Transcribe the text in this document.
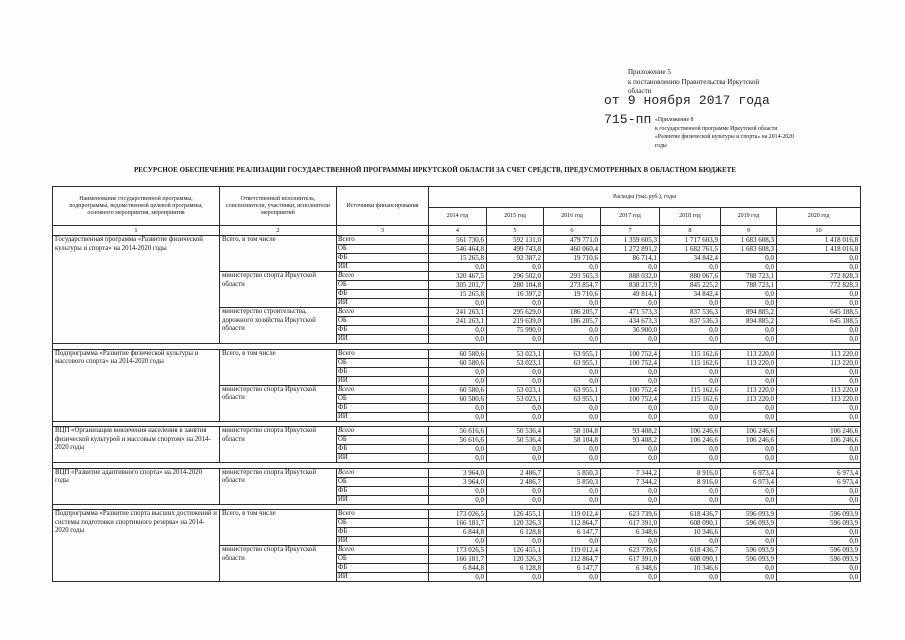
Приложение 5
к постановлению Правительства Иркутской
области
от 9 ноября 2017 года
715-пп «Приложение 8
к государственной программе Иркутской области
«Развитие физической культуры и спорта» на 2014-2020
годы
РЕСУРСНОЕ ОБЕСПЕЧЕНИЕ РЕАЛИЗАЦИИ ГОСУДАРСТВЕННОЙ ПРОГРАММЫ ИРКУТСКОЙ ОБЛАСТИ ЗА СЧЕТ СРЕДСТВ, ПРЕДУСМОТРЕННЫХ В ОБЛАСТНОМ БЮДЖЕТЕ
Наименование государственной программы, подпрограммы, ведомственной целевой программы, основного мероприятия, мероприятия	Ответственный исполнитель, соисполнители, участники, исполнители мероприятий	Источники финансирования	Расходы (тыс.руб.), годы						
			2014 год	2015 год	2016 год	2017 год	2018 год	2019 год	2020 год
1	2	3	4	5	6	7	8	9	10
Государственная программа «Развитие физической культуры и спорта» на 2014-2020 годы	Всего, в том числе	Всего	561 730,6	592 131,0	479 771,0	1 359 605,3	1 717 603,9	1 683 608,3	1 418 016,8
		ОБ	546 464,8	499 743,8	460 060,4	1 272 891,2	1 682 761,5	1 683 608,3	1 418 016,8
		ФБ	15 265,8	92 387,2	19 710,6	86 714,1	34 842,4	0,0	0,0
		ИИ	0,0	0,0	0,0	0,0	0,0	0,0	0,0
	министерство спорта Иркутской области	Всего	320 467,5	296 502,0	293 565,3	888 032,0	880 067,6	788 723,1	772 828,3
		ОБ	305 201,7	280 104,8	273 854,7	838 217,9	845 225,2	788 723,1	772 828,3
		ФБ	15 265,8	16 397,2	19 710,6	49 814,1	34 842,4	0,0	0,0
		ИИ	0,0	0,0	0,0	0,0	0,0	0,0	0,0
	министерство строительства, дорожного хозяйства Иркутской области	Всего	241 263,1	295 629,0	186 205,7	471 573,3	837 536,3	894 885,2	645 188,5
		ОБ	241 263,1	219 639,0	186 205,7	434 673,3	837 536,3	894 885,2	645 188,5
		ФБ	0,0	75 990,0	0,0	36 900,0	0,0	0,0	0,0
		ИИ	0,0	0,0	0,0	0,0	0,0	0,0	0,0

Подпрограмма «Развитие физической культуры и массового спорта» на 2014-2020 годы	Всего, в том числе	Всего	60 580,6	53 023,1	63 955,1	100 752,4	115 162,6	113 220,0	113 220,0
		ОБ	60 580,6	53 023,1	63 955,1	100 752,4	115 162,6	113 220,0	113 220,0
		ФБ	0,0	0,0	0,0	0,0	0,0	0,0	0,0
		ИИ	0,0	0,0	0,0	0,0	0,0	0,0	0,0
	министерство спорта Иркутской области	Всего	60 580,6	53 023,1	63 955,1	100 752,4	115 162,6	113 220,0	113 220,0
		ОБ	60 580,6	53 023,1	63 955,1	100 752,4	115 162,6	113 220,0	113 220,0
		ФБ	0,0	0,0	0,0	0,0	0,0	0,0	0,0
		ИИ	0,0	0,0	0,0	0,0	0,0	0,0	0,0

ВЦП «Организация вовлечения населения в занятия физической культурой и массовым спортом» на 2014-2020 годы	министерство спорта Иркутской области	Всего	56 616,6	50 536,4	58 104,8	93 408,2	106 246,6	106 246,6	106 246,6
		ОБ	56 616,6	50 536,4	58 104,8	93 408,2	106 246,6	106 246,6	106 246,6
		ФБ	0,0	0,0	0,0	0,0	0,0	0,0	0,0
		ИИ	0,0	0,0	0,0	0,0	0,0	0,0	0,0

ВЦП «Развитие адаптивного спорта» на 2014-2020 годы	министерство спорта Иркутской области	Всего	3 964,0	2 486,7	5 850,3	7 344,2	8 916,0	6 973,4	6 973,4
		ОБ	3 964,0	2 486,7	5 850,3	7 344,2	8 916,0	6 973,4	6 973,4
		ФБ	0,0	0,0	0,0	0,0	0,0	0,0	0,0
		ИИ	0,0	0,0	0,0	0,0	0,0	0,0	0,0

Подпрограмма «Развитие спорта высших достижений и системы подготовки спортивного резерва» на 2014-2020 годы	Всего, в том числе	Всего	173 026,5	126 455,1	119 012,4	623 739,6	618 436,7	596 093,9	596 093,9
		ОБ	166 181,7	120 326,3	112 864,7	617 391,0	608 090,1	596 093,9	596 093,9
		ФБ	6 844,8	6 128,8	6 147,7	6 348,6	10 346,6	0,0	0,0
		ИИ	0,0	0,0	0,0	0,0	0,0	0,0	0,0
	министерство спорта Иркутской области	Всего	173 026,5	126 455,1	119 012,4	623 739,6	618 436,7	596 093,9	596 093,9
		ОБ	166 181,7	120 326,3	112 864,7	617 391,0	608 090,1	596 093,9	596 093,9
		ФБ	6 844,8	6 128,8	6 147,7	6 348,6	10 346,6	0,0	0,0
		ИИ	0,0	0,0	0,0	0,0	0,0	0,0	0,0
